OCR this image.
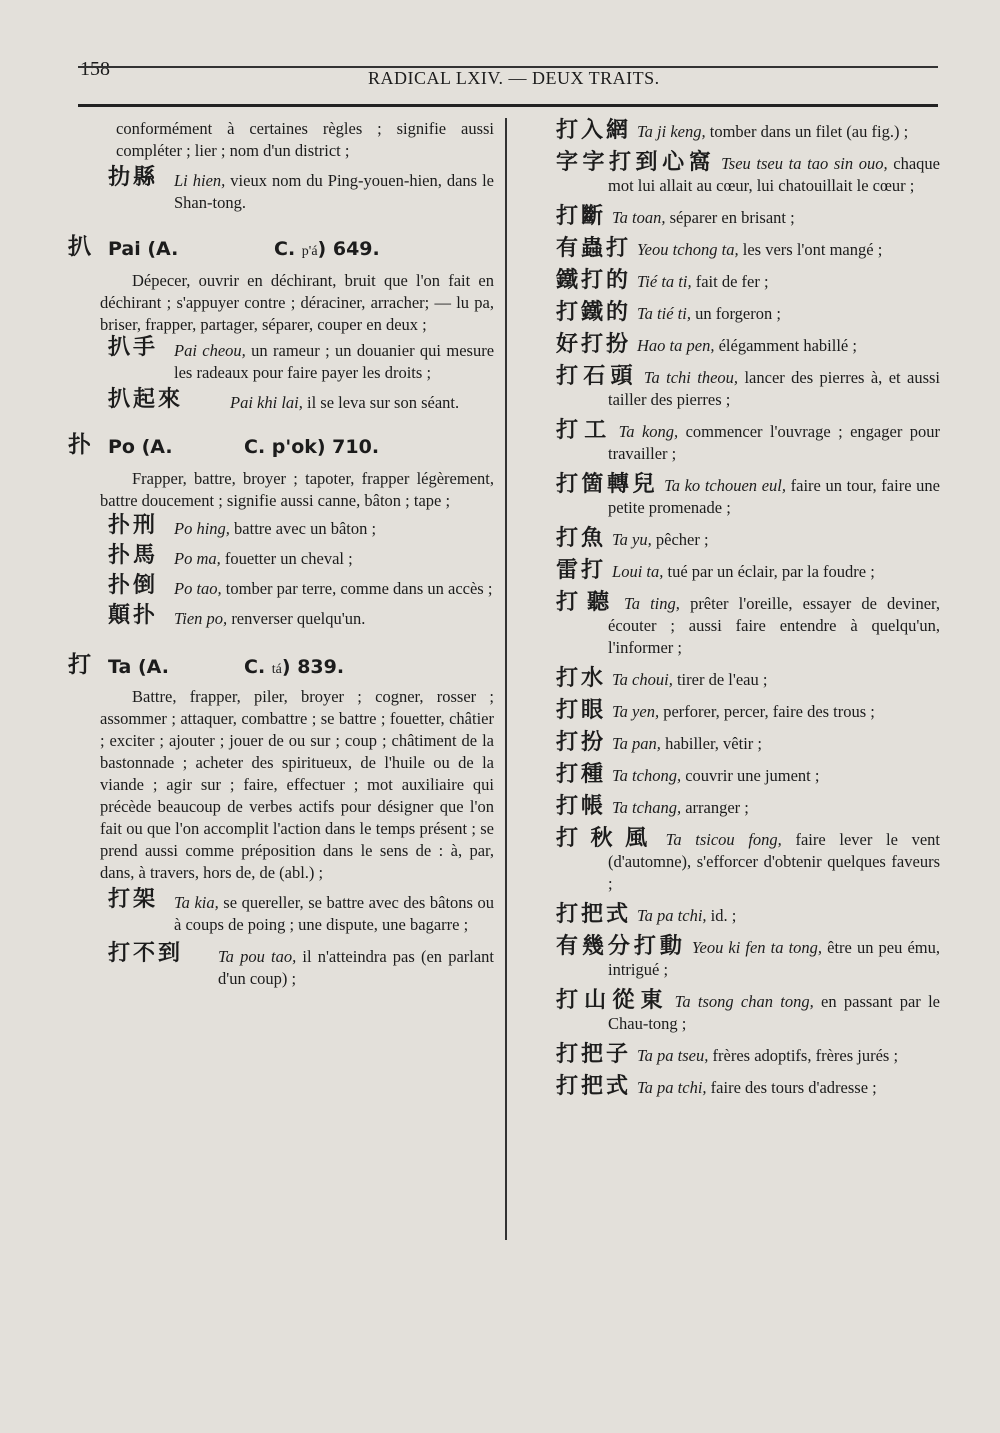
158	RADICAL LXIV. — DEUX TRAITS.

conformément à certaines règles ; signifie aussi compléter ; lier ; nom d'un district ;

扐縣 Li hien, vieux nom du Ping-youen-hien, dans le Shan-tong.
扒 Pai (A.	C. p'á) 649.

Dépecer, ouvrir en déchirant, bruit que l'on fait en déchirant ; s'appuyer contre ; déraciner, arracher; — lu pa, briser, frapper, partager, séparer, couper en deux ;

扒手 Pai cheou, un rameur ; un douanier qui mesure les radeaux pour faire payer les droits ;
扒起來	Pai khi lai, il se leva sur son séant.
扑 Po (A.	C. p'ok) 710.

Frapper, battre, broyer ; tapoter, frapper légèrement, battre doucement ; signifie aussi canne, bâton ; tape ;

扑刑 Po hing, battre avec un bâton ;
扑馬 Po ma, fouetter un cheval ;
扑倒 Po tao, tomber par terre, comme dans un accès ;
顛扑 Tien po, renverser quelqu'un.
打 Ta (A.	C. tá) 839.

Battre, frapper, piler, broyer ; cogner, rosser ; assommer ; attaquer, combattre ; se battre ; fouetter, châtier ; exciter ; ajouter ; jouer de ou sur ; coup ; châtiment de la bastonnade ; acheter des spiritueux, de l'huile ou de la viande ; agir sur ; faire, effectuer ; mot auxiliaire qui précède beaucoup de verbes actifs pour désigner que l'on fait ou que l'on accomplit l'action dans le temps présent ; se prend aussi comme préposition dans le sens de : à, par, dans, à travers, hors de, de (abl.) ;

打架 Ta kia, se quereller, se battre avec des bâtons ou à coups de poing ; une dispute, une bagarre ;
打不到 Ta pou tao, il n'atteindra pas (en parlant d'un coup) ;
打入網 Ta ji keng, tomber dans un filet (au fig.) ;
字字打到心窩 Tseu tseu ta tao sin ouo, chaque mot lui allait au cœur, lui chatouillait le cœur ;
打斷 Ta toan, séparer en brisant ;
有蟲打 Yeou tchong ta, les vers l'ont mangé ;
鐵打的 Tié ta ti, fait de fer ;
打鐵的 Ta tié ti, un forgeron ;
好打扮 Hao ta pen, élégamment habillé ;
打石頭 Ta tchi theou, lancer des pierres à, et aussi tailler des pierres ;
打工 Ta kong, commencer l'ouvrage ; engager pour travailler ;
打箇轉兒 Ta ko tchouen eul, faire un tour, faire une petite promenade ;
打魚 Ta yu, pêcher ;
雷打 Loui ta, tué par un éclair, par la foudre ;
打聽 Ta ting, prêter l'oreille, essayer de deviner, écouter ; aussi faire entendre à quelqu'un, l'informer ;
打水 Ta choui, tirer de l'eau ;
打眼 Ta yen, perforer, percer, faire des trous ;
打扮 Ta pan, habiller, vêtir ;
打種 Ta tchong, couvrir une jument ;
打帳 Ta tchang, arranger ;
打秋風 Ta tsicou fong, faire lever le vent (d'automne), s'efforcer d'obtenir quelques faveurs ;
打把式 Ta pa tchi, id. ;
有幾分打動 Yeou ki fen ta tong, être un peu ému, intrigué ;
打山從東 Ta tsong chan tong, en passant par le Chau-tong ;
打把子 Ta pa tseu, frères adoptifs, frères jurés ;
打把式 Ta pa tchi, faire des tours d'adresse ;
